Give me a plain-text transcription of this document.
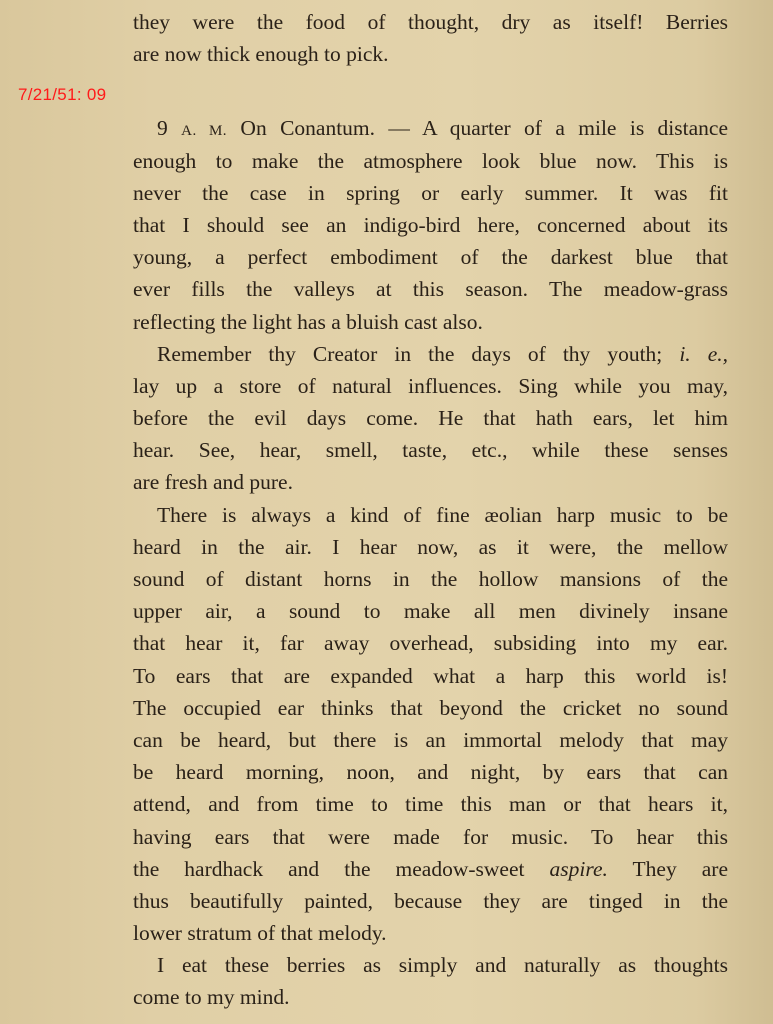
7/21/51: 09
they were the food of thought, dry as itself! Berries
are now thick enough to pick.
9 A. M. On Conantum. — A quarter of a mile is distance
enough to make the atmosphere look blue now. This is
never the case in spring or early summer. It was fit
that I should see an indigo-bird here, concerned about its
young, a perfect embodiment of the darkest blue that
ever fills the valleys at this season. The meadow-grass
reflecting the light has a bluish cast also.
Remember thy Creator in the days of thy youth; i. e.,
lay up a store of natural influences. Sing while you may,
before the evil days come. He that hath ears, let him
hear. See, hear, smell, taste, etc., while these senses
are fresh and pure.
There is always a kind of fine æolian harp music to be
heard in the air. I hear now, as it were, the mellow
sound of distant horns in the hollow mansions of the
upper air, a sound to make all men divinely insane
that hear it, far away overhead, subsiding into my ear.
To ears that are expanded what a harp this world is!
The occupied ear thinks that beyond the cricket no sound
can be heard, but there is an immortal melody that may
be heard morning, noon, and night, by ears that can
attend, and from time to time this man or that hears it,
having ears that were made for music. To hear this
the hardhack and the meadow-sweet aspire. They are
thus beautifully painted, because they are tinged in the
lower stratum of that melody.
I eat these berries as simply and naturally as thoughts
come to my mind.
